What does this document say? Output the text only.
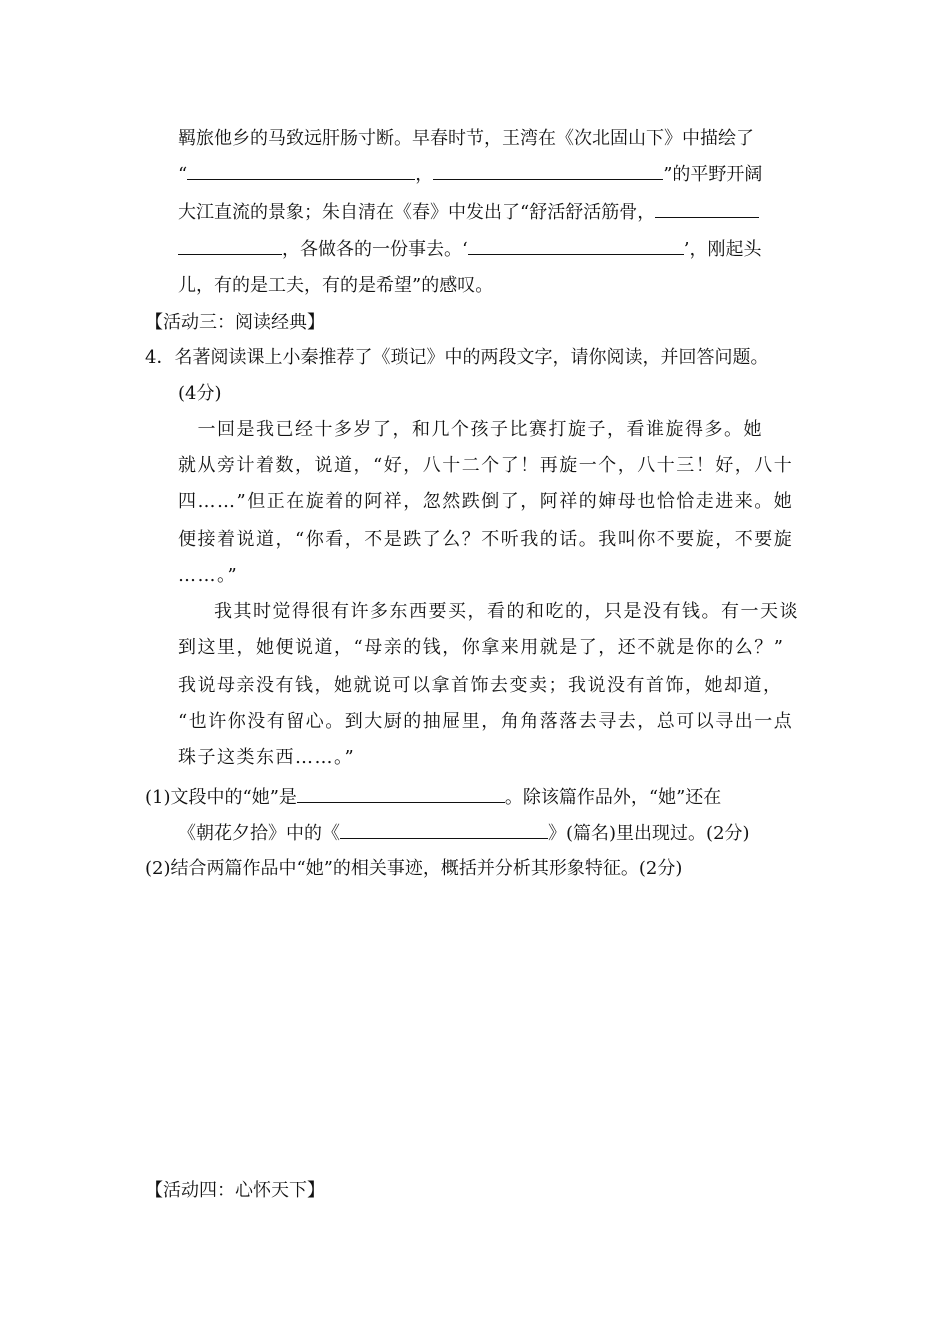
羁旅他乡的马致远肝肠寸断。早春时节，王湾在《次北固山下》中描绘了
“	，	”的平野开阔
大江直流的景象；朱自清在《春》中发出了“舒活舒活筋骨，
，各做各的一份事去。‘	’，刚起头
儿，有的是工夫，有的是希望”的感叹。
【活动三：阅读经典】
4．名著阅读课上小秦推荐了《琐记》中的两段文字，请你阅读，并回答问题。
(4分)
　一回是我已经十多岁了，和几个孩子比赛打旋子，看谁旋得多。她
就从旁计着数，说道，“好，八十二个了！再旋一个，八十三！好，八十
四……”但正在旋着的阿祥，忽然跌倒了，阿祥的婶母也恰恰走进来。她
便接着说道，“你看，不是跌了么？不听我的话。我叫你不要旋，不要旋
……。”
我其时觉得很有许多东西要买，看的和吃的，只是没有钱。有一天谈
到这里，她便说道，“母亲的钱，你拿来用就是了，还不就是你的么？”
我说母亲没有钱，她就说可以拿首饰去变卖；我说没有首饰，她却道，
“也许你没有留心。到大厨的抽屉里，角角落落去寻去，总可以寻出一点
珠子这类东西……。”
(1)文段中的“她”是	。除该篇作品外，“她”还在
《朝花夕拾》中的《	》(篇名)里出现过。(2分)
(2)结合两篇作品中“她”的相关事迹，概括并分析其形象特征。(2分)
【活动四：心怀天下】
